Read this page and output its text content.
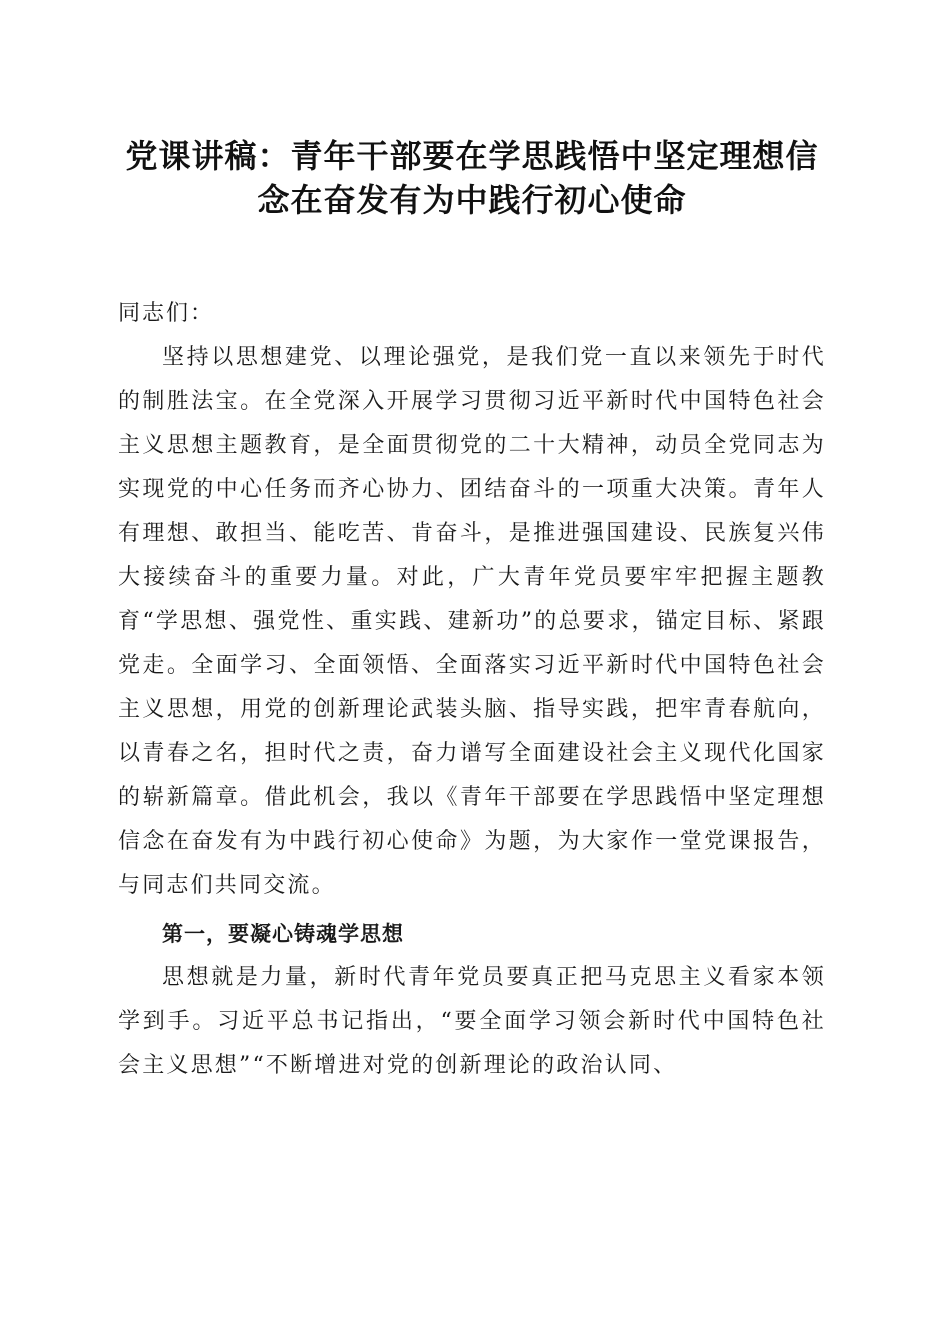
党课讲稿：青年干部要在学思践悟中坚定理想信念在奋发有为中践行初心使命

同志们：

坚持以思想建党、以理论强党，是我们党一直以来领先于时代的制胜法宝。在全党深入开展学习贯彻习近平新时代中国特色社会主义思想主题教育，是全面贯彻党的二十大精神，动员全党同志为实现党的中心任务而齐心协力、团结奋斗的一项重大决策。青年人有理想、敢担当、能吃苦、肯奋斗，是推进强国建设、民族复兴伟大接续奋斗的重要力量。对此，广大青年党员要牢牢把握主题教育“学思想、强党性、重实践、建新功”的总要求，锚定目标、紧跟党走。全面学习、全面领悟、全面落实习近平新时代中国特色社会主义思想，用党的创新理论武装头脑、指导实践，把牢青春航向，以青春之名，担时代之责，奋力谱写全面建设社会主义现代化国家的崭新篇章。借此机会，我以《青年干部要在学思践悟中坚定理想信念在奋发有为中践行初心使命》为题，为大家作一堂党课报告，与同志们共同交流。

第一，要凝心铸魂学思想

思想就是力量，新时代青年党员要真正把马克思主义看家本领学到手。习近平总书记指出，“要全面学习领会新时代中国特色社会主义思想”“不断增进对党的创新理论的政治认同、
